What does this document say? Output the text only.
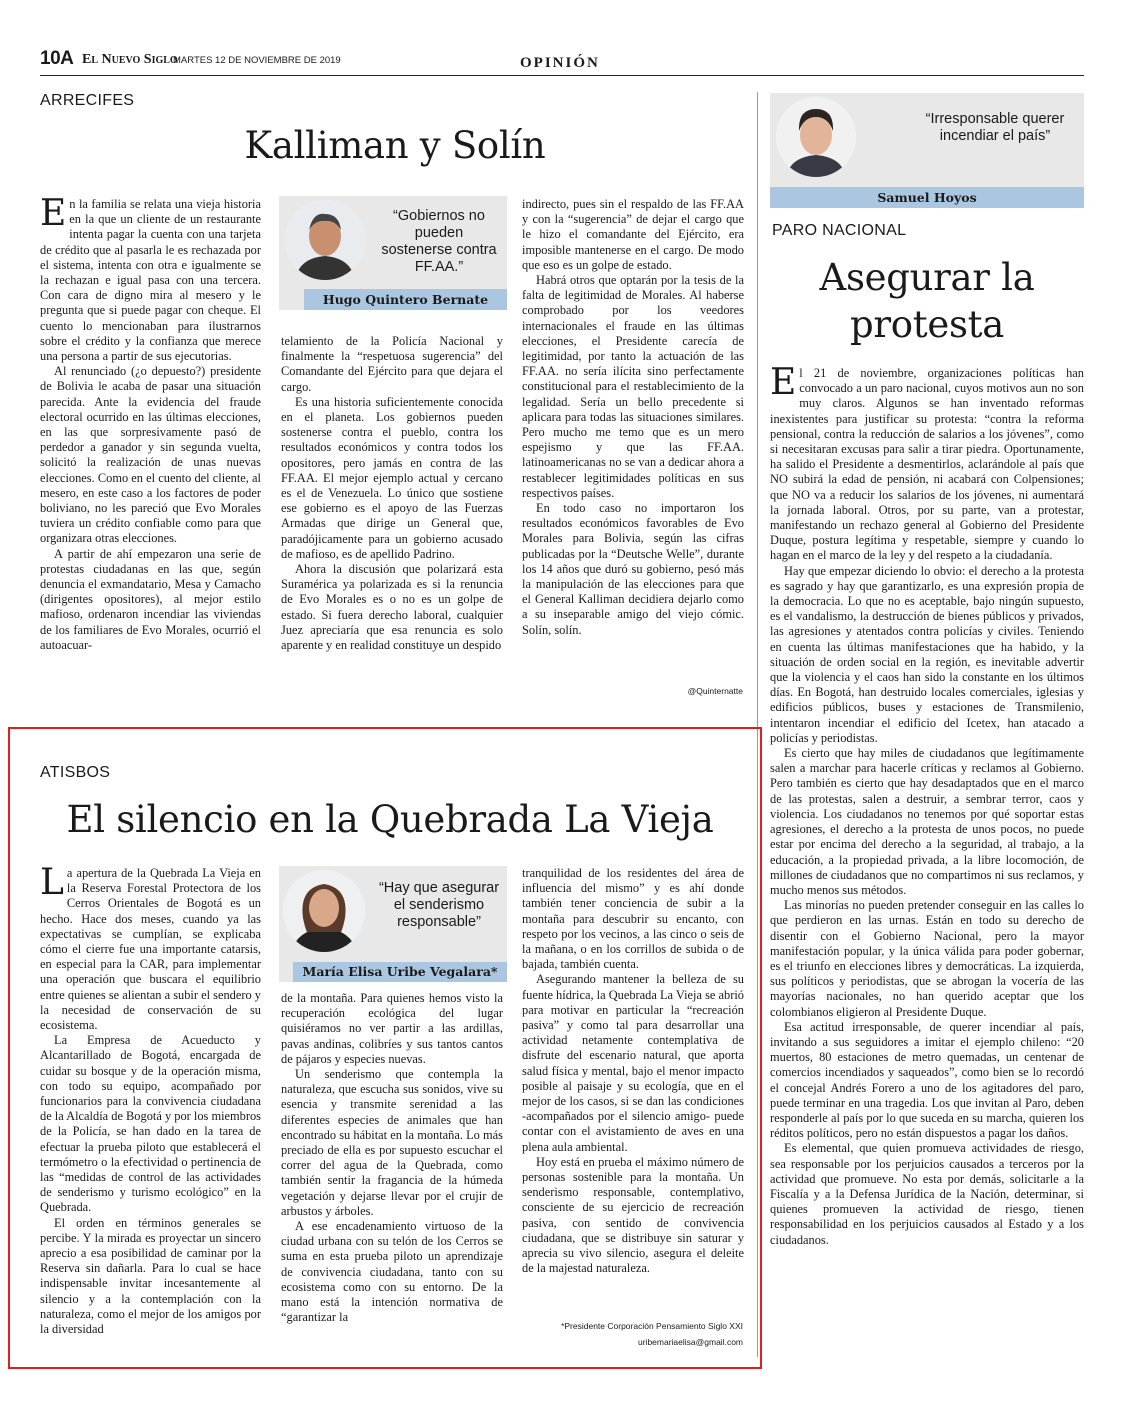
10A El Nuevo Siglo
MARTES 12 DE NOVIEMBRE DE 2019	OPINIÓN
ARRECIFES
Kalliman y Solín

En la familia se relata una vieja historia en la que un cliente de un restaurante intenta pagar la cuenta con una tarjeta de crédito que al pasarla le es rechazada por el sistema, intenta con otra e igualmente se la rechazan e igual pasa con una tercera. Con cara de digno mira al mesero y le pregunta que si puede pagar con cheque. El cuento lo mencionaban para ilustrarnos sobre el crédito y la confianza que merece una persona a partir de sus ejecutorias.

Al renunciado (¿o depuesto?) presidente de Bolivia le acaba de pasar una situación parecida. Ante la evidencia del fraude electoral ocurrido en las últimas elecciones, en las que sorpresivamente pasó de perdedor a ganador y sin segunda vuelta, solicitó la realización de unas nuevas elecciones. Como en el cuento del cliente, al mesero, en este caso a los factores de poder boliviano, no les pareció que Evo Morales tuviera un crédito confiable como para que organizara otras elecciones.

A partir de ahí empezaron una serie de protestas ciudadanas en las que, según denuncia el exmandatario, Mesa y Camacho (dirigentes opositores), al mejor estilo mafioso, ordenaron incendiar las viviendas de los familiares de Evo Morales, ocurrió el autoacuar-

“Gobiernos no pueden sostenerse contra FF.AA.”
Hugo Quintero Bernate

telamiento de la Policía Nacional y finalmente la “respetuosa sugerencia” del Comandante del Ejército para que dejara el cargo.

Es una historia suficientemente conocida en el planeta. Los gobiernos pueden sostenerse contra el pueblo, contra los resultados económicos y contra todos los opositores, pero jamás en contra de las FF.AA. El mejor ejemplo actual y cercano es el de Venezuela. Lo único que sostiene ese gobierno es el apoyo de las Fuerzas Armadas que dirige un General que, paradójicamente para un gobierno acusado de mafioso, es de apellido Padrino.

Ahora la discusión que polarizará esta Suramérica ya polarizada es si la renuncia de Evo Morales es o no es un golpe de estado. Si fuera derecho laboral, cualquier Juez apreciaría que esa renuncia es solo aparente y en realidad constituye un despido

indirecto, pues sin el respaldo de las FF.AA y con la “sugerencia” de dejar el cargo que le hizo el comandante del Ejército, era imposible mantenerse en el cargo. De modo que eso es un golpe de estado.

Habrá otros que optarán por la tesis de la falta de legitimidad de Morales. Al haberse comprobado por los veedores internacionales el fraude en las últimas elecciones, el Presidente carecía de legitimidad, por tanto la actuación de las FF.AA. no sería ilícita sino perfectamente constitucional para el restablecimiento de la legalidad. Sería un bello precedente si aplicara para todas las situaciones similares. Pero mucho me temo que es un mero espejismo y que las FF.AA. latinoamericanas no se van a dedicar ahora a restablecer legitimidades políticas en sus respectivos países.

En todo caso no importaron los resultados económicos favorables de Evo Morales para Bolivia, según las cifras publicadas por la “Deutsche Welle”, durante los 14 años que duró su gobierno, pesó más la manipulación de las elecciones para que el General Kalliman decidiera dejarlo como a su inseparable amigo del viejo cómic. Solín, solín.

@Quinternatte
ATISBOS
El silencio en la Quebrada La Vieja

La apertura de la Quebrada La Vieja en la Reserva Forestal Protectora de los Cerros Orientales de Bogotá es un hecho. Hace dos meses, cuando ya las expectativas se cumplían, se explicaba cómo el cierre fue una importante catarsis, en especial para la CAR, para implementar una operación que buscara el equilibrio entre quienes se alientan a subir el sendero y la necesidad de conservación de su ecosistema.

La Empresa de Acueducto y Alcantarillado de Bogotá, encargada de cuidar su bosque y de la operación misma, con todo su equipo, acompañado por funcionarios para la convivencia ciudadana de la Alcaldía de Bogotá y por los miembros de la Policía, se han dado en la tarea de efectuar la prueba piloto que establecerá el termómetro o la efectividad o pertinencia de las “medidas de control de las actividades de senderismo y turismo ecológico” en la Quebrada.

El orden en términos generales se percibe. Y la mirada es proyectar un sincero aprecio a esa posibilidad de caminar por la Reserva sin dañarla. Para lo cual se hace indispensable invitar incesantemente al silencio y a la contemplación con la naturaleza, como el mejor de los amigos por la diversidad

“Hay que asegurar el senderismo responsable”
María Elisa Uribe Vegalara*

de la montaña. Para quienes hemos visto la recuperación ecológica del lugar quisiéramos no ver partir a las ardillas, pavas andinas, colibríes y sus tantos cantos de pájaros y especies nuevas.

Un senderismo que contempla la naturaleza, que escucha sus sonidos, vive su esencia y transmite serenidad a las diferentes especies de animales que han encontrado su hábitat en la montaña. Lo más preciado de ella es por supuesto escuchar el correr del agua de la Quebrada, como también sentir la fragancia de la húmeda vegetación y dejarse llevar por el crujir de arbustos y árboles.

A ese encadenamiento virtuoso de la ciudad urbana con su telón de los Cerros se suma en esta prueba piloto un aprendizaje de convivencia ciudadana, tanto con su ecosistema como con su entorno. De la mano está la intención normativa de “garantizar la

tranquilidad de los residentes del área de influencia del mismo” y es ahí donde también tener conciencia de subir a la montaña para descubrir su encanto, con respeto por los vecinos, a las cinco o seis de la mañana, o en los corrillos de subida o de bajada, también cuenta.

Asegurando mantener la belleza de su fuente hídrica, la Quebrada La Vieja se abrió para motivar en particular la “recreación pasiva” y como tal para desarrollar una actividad netamente contemplativa de disfrute del escenario natural, que aporta salud física y mental, bajo el menor impacto posible al paisaje y su ecología, que en el mejor de los casos, si se dan las condiciones -acompañados por el silencio amigo- puede contar con el avistamiento de aves en una plena aula ambiental.

Hoy está en prueba el máximo número de personas sostenible para la montaña. Un senderismo responsable, contemplativo, consciente de su ejercicio de recreación pasiva, con sentido de convivencia ciudadana, que se distribuye sin saturar y aprecia su vivo silencio, asegura el deleite de la majestad naturaleza.

*Presidente Corporación Pensamiento Siglo XXI
uribemariaelisa@gmail.com
“Irresponsable querer incendiar el país”
Samuel Hoyos
PARO NACIONAL
Asegurar la protesta

El 21 de noviembre, organizaciones políticas han convocado a un paro nacional, cuyos motivos aun no son muy claros. Algunos se han inventado reformas inexistentes para justificar su protesta: “contra la reforma pensional, contra la reducción de salarios a los jóvenes”, como si necesitaran excusas para salir a tirar piedra. Oportunamente, ha salido el Presidente a desmentirlos, aclarándole al país que NO subirá la edad de pensión, ni acabará con Colpensiones; que NO va a reducir los salarios de los jóvenes, ni aumentará la jornada laboral. Otros, por su parte, van a protestar, manifestando un rechazo general al Gobierno del Presidente Duque, postura legítima y respetable, siempre y cuando lo hagan en el marco de la ley y del respeto a la ciudadanía.

Hay que empezar diciendo lo obvio: el derecho a la protesta es sagrado y hay que garantizarlo, es una expresión propia de la democracia. Lo que no es aceptable, bajo ningún supuesto, es el vandalismo, la destrucción de bienes públicos y privados, las agresiones y atentados contra policías y civiles. Teniendo en cuenta las últimas manifestaciones que ha habido, y la situación de orden social en la región, es inevitable advertir que la violencia y el caos han sido la constante en los últimos días. En Bogotá, han destruido locales comerciales, iglesias y edificios públicos, buses y estaciones de Transmilenio, intentaron incendiar el edificio del Icetex, han atacado a policías y periodistas.

Es cierto que hay miles de ciudadanos que legítimamente salen a marchar para hacerle críticas y reclamos al Gobierno. Pero también es cierto que hay desadaptados que en el marco de las protestas, salen a destruir, a sembrar terror, caos y violencia. Los ciudadanos no tenemos por qué soportar estas agresiones, el derecho a la protesta de unos pocos, no puede estar por encima del derecho a la seguridad, al trabajo, a la educación, a la propiedad privada, a la libre locomoción, de millones de ciudadanos que no compartimos ni sus reclamos, y mucho menos sus métodos.

Las minorías no pueden pretender conseguir en las calles lo que perdieron en las urnas. Están en todo su derecho de disentir con el Gobierno Nacional, pero la mayor manifestación popular, y la única válida para poder gobernar, es el triunfo en elecciones libres y democráticas. La izquierda, sus políticos y periodistas, que se abrogan la vocería de las mayorías nacionales, no han querido aceptar que los colombianos eligieron al Presidente Duque.

Esa actitud irresponsable, de querer incendiar al país, invitando a sus seguidores a imitar el ejemplo chileno: “20 muertos, 80 estaciones de metro quemadas, un centenar de comercios incendiados y saqueados”, como bien se lo recordó el concejal Andrés Forero a uno de los agitadores del paro, puede terminar en una tragedia. Los que invitan al Paro, deben responderle al país por lo que suceda en su marcha, quieren los réditos políticos, pero no están dispuestos a pagar los daños.

Es elemental, que quien promueva actividades de riesgo, sea responsable por los perjuicios causados a terceros por la actividad que promueve. No esta por demás, solicitarle a la Fiscalía y a la Defensa Jurídica de la Nación, determinar, si quienes promueven la actividad de riesgo, tienen responsabilidad en los perjuicios causados al Estado y a los ciudadanos.
